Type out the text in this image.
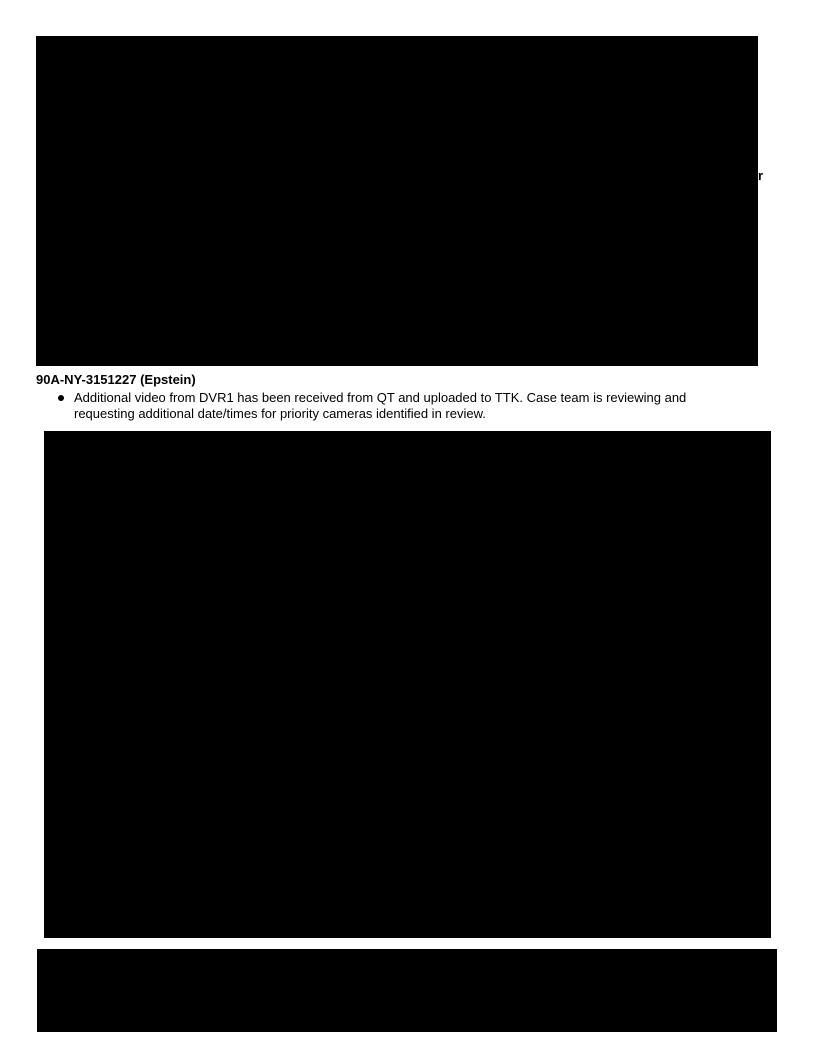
r
90A-NY-3151227 (Epstein)
Additional video from DVR1 has been received from QT and uploaded to TTK. Case team is reviewing and
requesting additional date/times for priority cameras identified in review.
